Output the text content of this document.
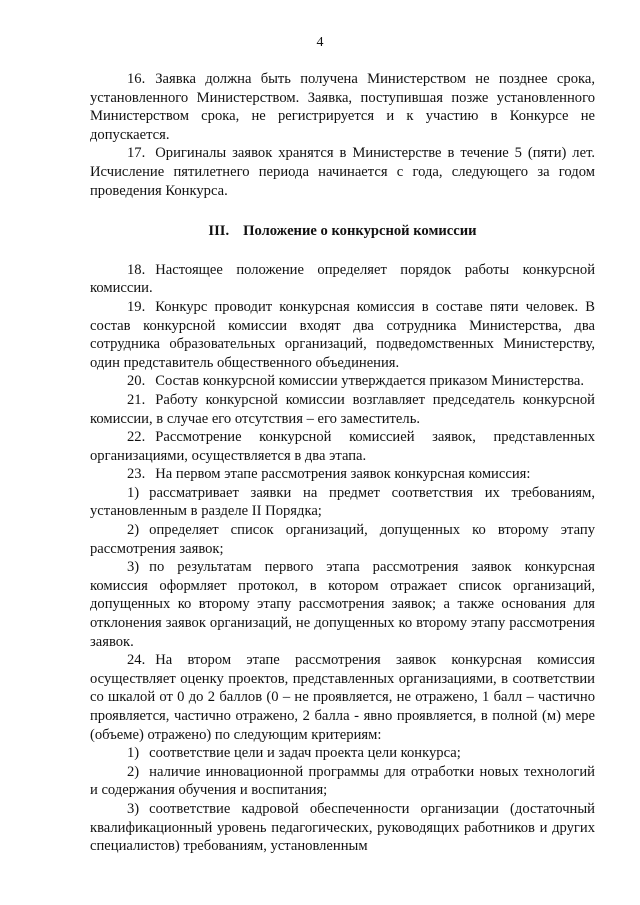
4

16. Заявка должна быть получена Министерством не позднее срока, установленного Министерством. Заявка, поступившая позже установленного Министерством срока, не регистрируется и к участию в Конкурсе не допускается.

17. Оригиналы заявок хранятся в Министерстве в течение 5 (пяти) лет. Исчисление пятилетнего периода начинается с года, следующего за годом проведения Конкурса.

III. Положение о конкурсной комиссии

18. Настоящее положение определяет порядок работы конкурсной комиссии.

19. Конкурс проводит конкурсная комиссия в составе пяти человек. В состав конкурсной комиссии входят два сотрудника Министерства, два сотрудника образовательных организаций, подведомственных Министерству, один представитель общественного объединения.

20. Состав конкурсной комиссии утверждается приказом Министерства.

21. Работу конкурсной комиссии возглавляет председатель конкурсной комиссии, в случае его отсутствия – его заместитель.

22. Рассмотрение конкурсной комиссией заявок, представленных организациями, осуществляется в два этапа.

23. На первом этапе рассмотрения заявок конкурсная комиссия:

1) рассматривает заявки на предмет соответствия их требованиям, установленным в разделе II Порядка;

2) определяет список организаций, допущенных ко второму этапу рассмотрения заявок;

3) по результатам первого этапа рассмотрения заявок конкурсная комиссия оформляет протокол, в котором отражает список организаций, допущенных ко второму этапу рассмотрения заявок; а также основания для отклонения заявок организаций, не допущенных ко второму этапу рассмотрения заявок.

24. На втором этапе рассмотрения заявок конкурсная комиссия осуществляет оценку проектов, представленных организациями, в соответствии со шкалой от 0 до 2 баллов (0 – не проявляется, не отражено, 1 балл – частично проявляется, частично отражено, 2 балла - явно проявляется, в полной (м) мере (объеме) отражено) по следующим критериям:

1) соответствие цели и задач проекта цели конкурса;

2) наличие инновационной программы для отработки новых технологий и содержания обучения и воспитания;

3) соответствие кадровой обеспеченности организации (достаточный квалификационный уровень педагогических, руководящих работников и других специалистов) требованиям, установленным
